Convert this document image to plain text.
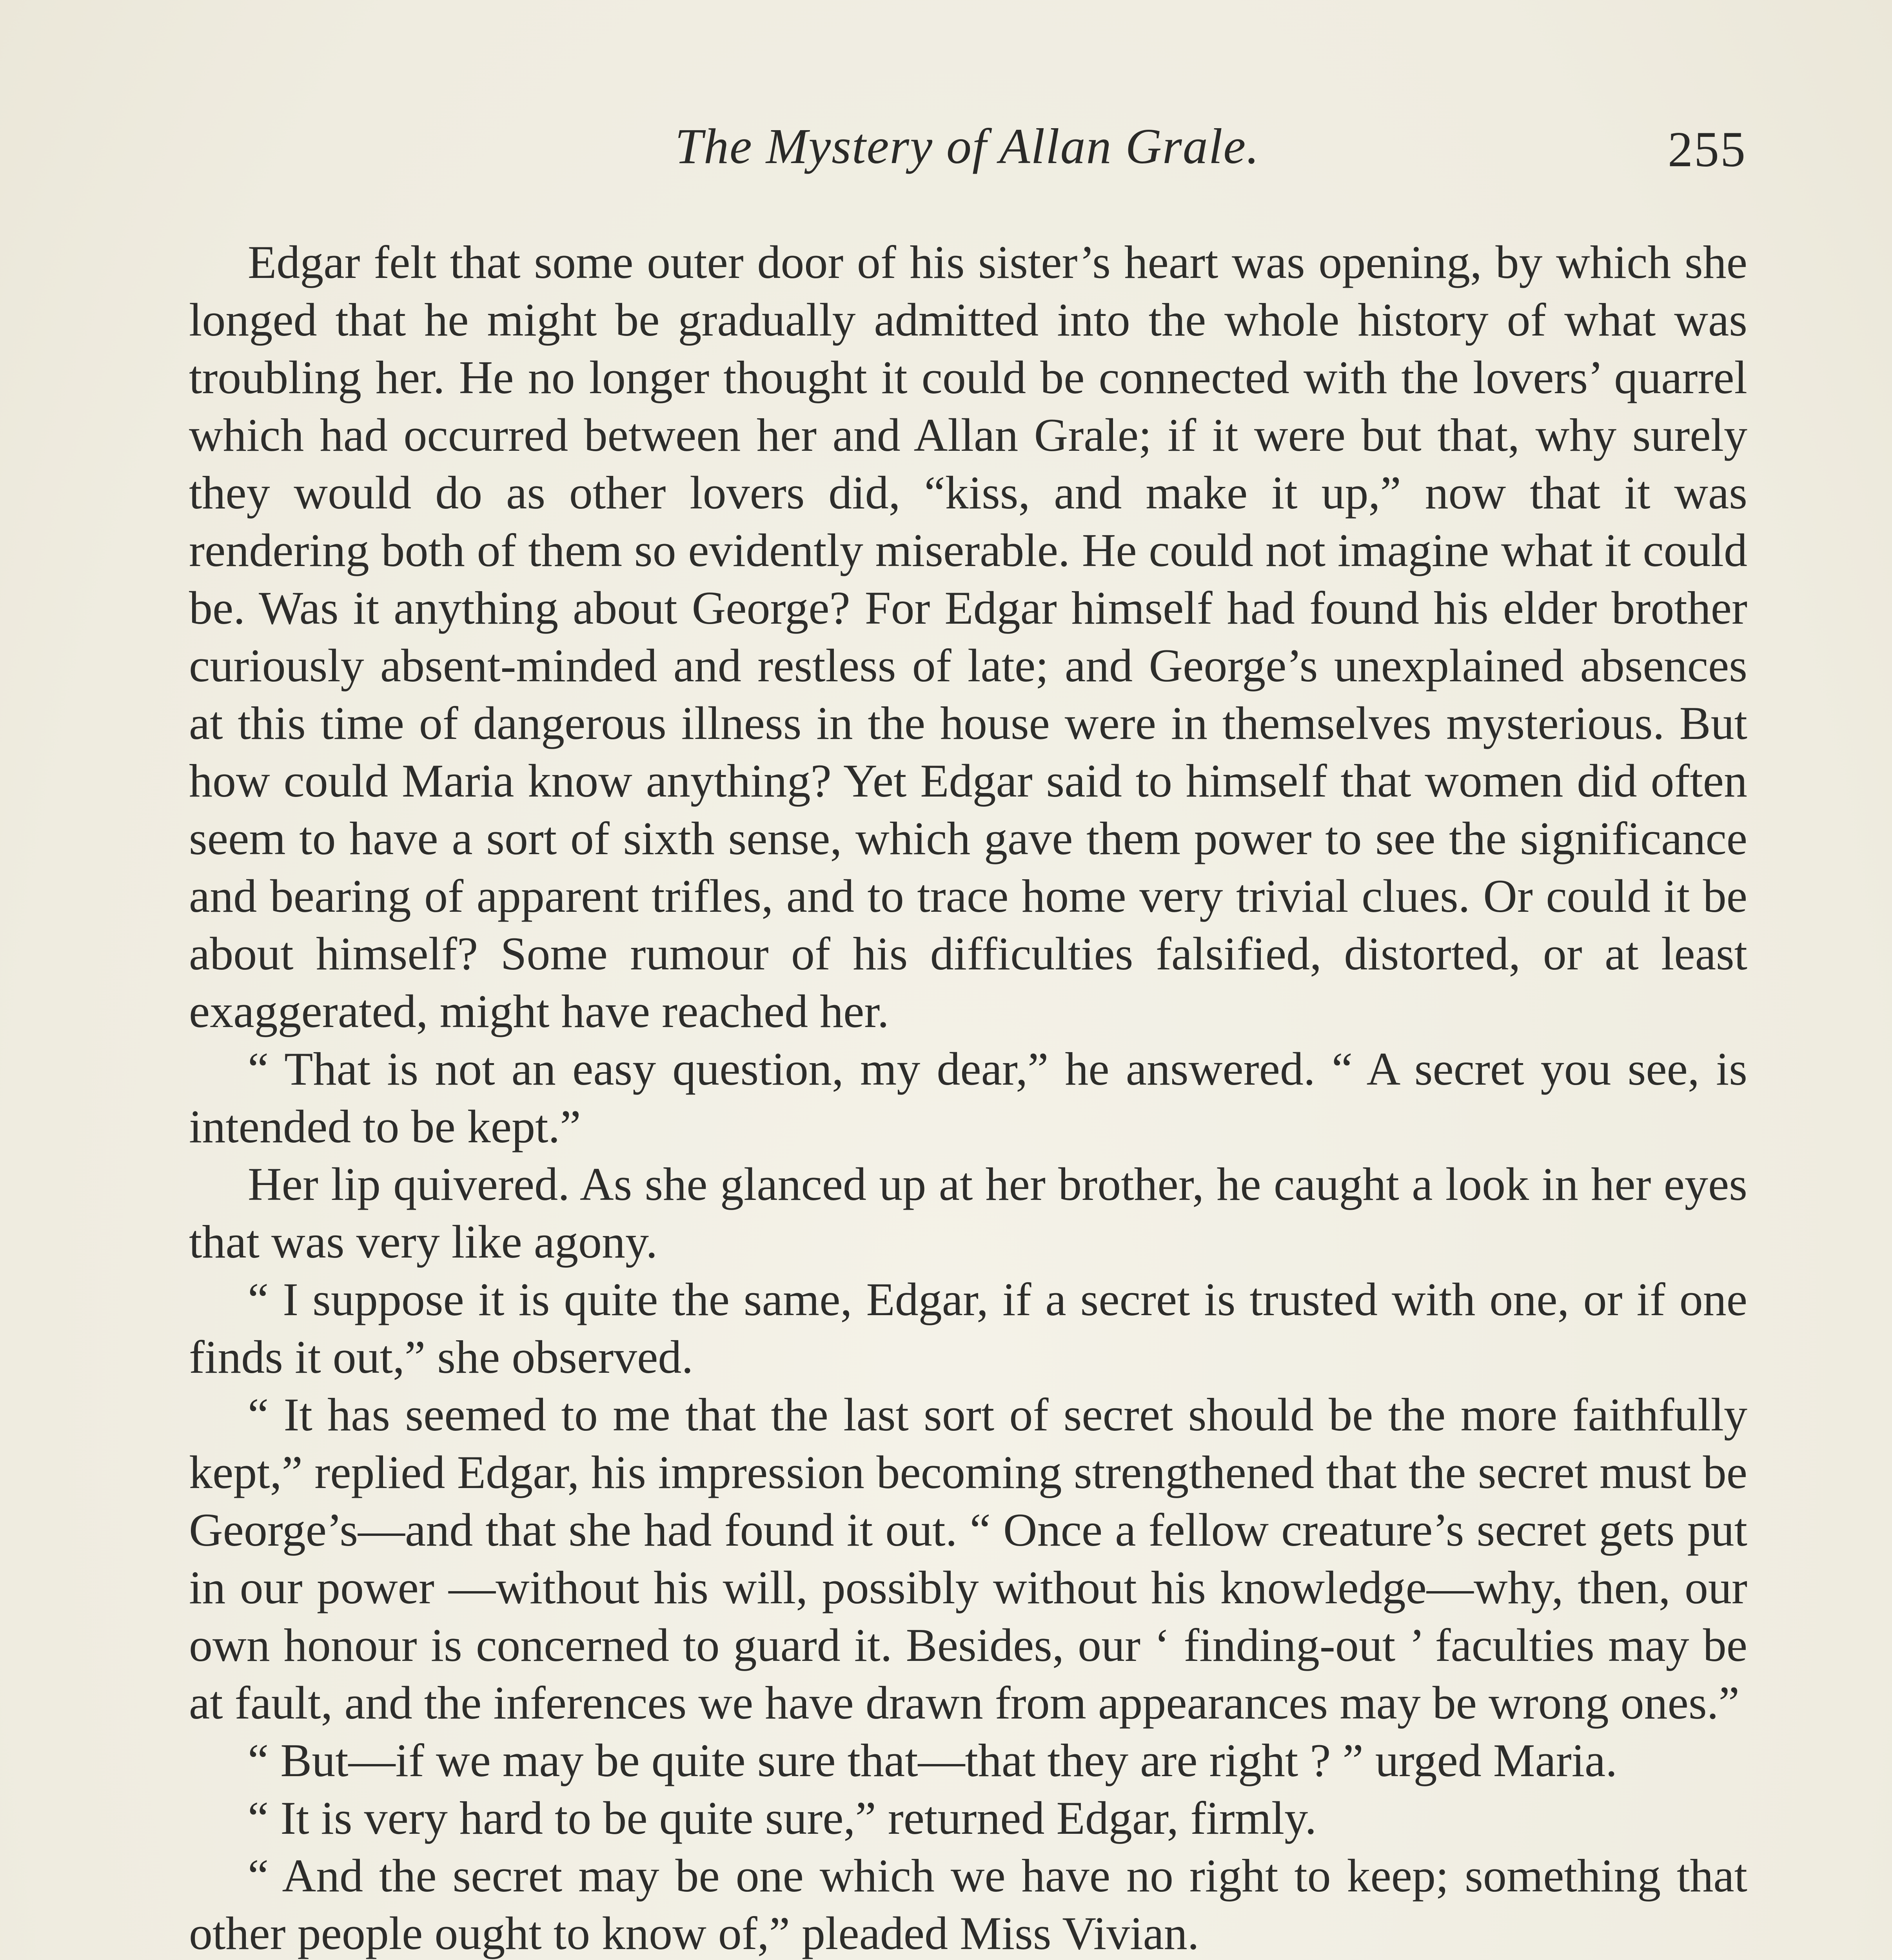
The Mystery of Allan Grale.	255

Edgar felt that some outer door of his sister’s heart was opening, by which she longed that he might be gradually admitted into the whole history of what was troubling her. He no longer thought it could be connected with the lovers’ quarrel which had occurred between her and Allan Grale; if it were but that, why surely they would do as other lovers did, “kiss, and make it up,” now that it was rendering both of them so evidently miserable. He could not imagine what it could be. Was it anything about George? For Edgar himself had found his elder brother curiously absent-minded and restless of late; and George’s unexplained absences at this time of dangerous illness in the house were in themselves mysterious. But how could Maria know anything? Yet Edgar said to himself that women did often seem to have a sort of sixth sense, which gave them power to see the significance and bearing of apparent trifles, and to trace home very trivial clues. Or could it be about himself? Some rumour of his difficulties falsified, distorted, or at least exaggerated, might have reached her.

“ That is not an easy question, my dear,” he answered. “ A secret you see, is intended to be kept.”

Her lip quivered. As she glanced up at her brother, he caught a look in her eyes that was very like agony.

“ I suppose it is quite the same, Edgar, if a secret is trusted with one, or if one finds it out,” she observed.

“ It has seemed to me that the last sort of secret should be the more faithfully kept,” replied Edgar, his impression becoming strengthened that the secret must be George’s—and that she had found it out. “ Once a fellow creature’s secret gets put in our power —without his will, possibly without his knowledge—why, then, our own honour is concerned to guard it. Besides, our ‘ finding-out ’ faculties may be at fault, and the inferences we have drawn from appearances may be wrong ones.”

“ But—if we may be quite sure that—that they are right ? ” urged Maria.

“ It is very hard to be quite sure,” returned Edgar, firmly.

“ And the secret may be one which we have no right to keep; something that other people ought to know of,” pleaded Miss Vivian.
